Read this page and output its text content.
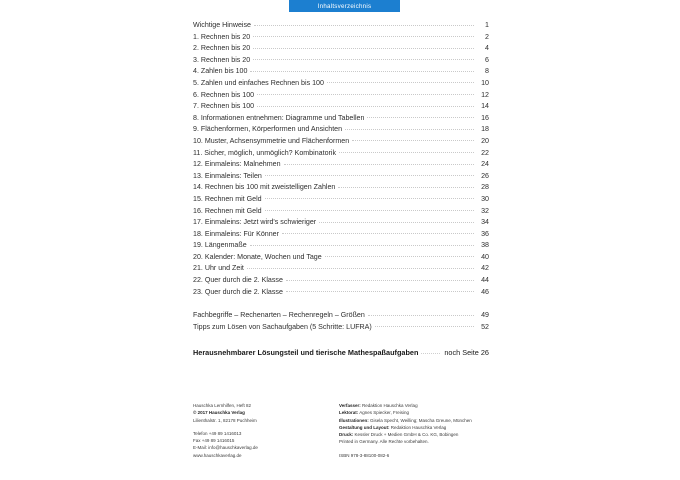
Inhaltsverzeichnis
Wichtige Hinweise	1
1. Rechnen bis 20	2
2. Rechnen bis 20	4
3. Rechnen bis 20	6
4. Zahlen bis 100	8
5. Zahlen und einfaches Rechnen bis 100	10
6. Rechnen bis 100	12
7. Rechnen bis 100	14
8. Informationen entnehmen: Diagramme und Tabellen	16
9. Flächenformen, Körperformen und Ansichten	18
10. Muster, Achsensymmetrie und Flächenformen	20
11. Sicher, möglich, unmöglich? Kombinatorik	22
12. Einmaleins: Malnehmen	24
13. Einmaleins: Teilen	26
14. Rechnen bis 100 mit zweistelligen Zahlen	28
15. Rechnen mit Geld	30
16. Rechnen mit Geld	32
17. Einmaleins: Jetzt wird's schwieriger	34
18. Einmaleins: Für Könner	36
19. Längenmaße	38
20. Kalender: Monate, Wochen und Tage	40
21. Uhr und Zeit	42
22. Quer durch die 2. Klasse	44
23. Quer durch die 2. Klasse	46
Fachbegriffe – Rechenarten – Rechenregeln – Größen	49
Tipps zum Lösen von Sachaufgaben (5 Schritte: LUFRA)	52
Herausnehmbarer Lösungsteil und tierische Mathespaßaufgaben	noch Seite 26

Hauschka Lernhilfen, Heft 82

© 2017 Hauschka Verlag

Lilienthalstr. 1, 82178 Puchheim

Telefon +49 89 1416013

Fax +49 89 1416015

E-Mail: info@hauschkaverlag.de

www.hauschkaverlag.de

Verfasser: Redaktion Hauschka Verlag

Lektorat: Agnes Spiecker, Freising

Illustrationen: Gisela Specht, Weilling; Mascha Greune, München

Gestaltung und Layout: Redaktion Hauschka Verlag

Druck: Kessler Druck + Medien GmbH & Co. KG, Bobingen

Printed in Germany. Alle Rechte vorbehalten.

ISBN 978-3-88100-082-6
